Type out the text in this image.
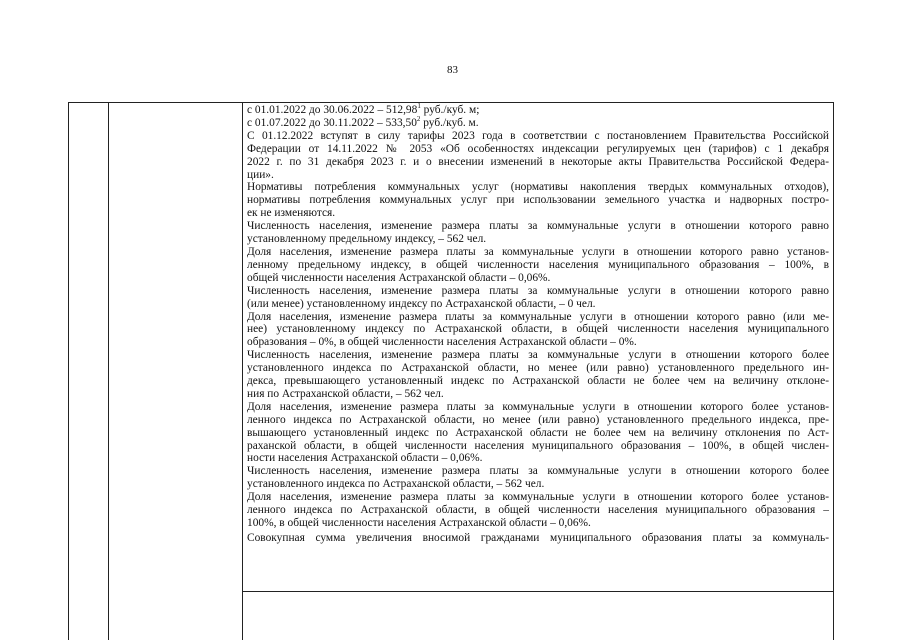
83
с 01.01.2022 до 30.06.2022 – 512,98$^1$ руб./куб. м;
с 01.07.2022 до 30.11.2022 – 533,50$^2$ руб./куб. м.
С 01.12.2022 вступят в силу тарифы 2023 года в соответствии с постановлением Правительства Российской
Федерации от 14.11.2022 № 2053 «Об особенностях индексации регулируемых цен (тарифов) с 1 декабря
2022 г. по 31 декабря 2023 г. и о внесении изменений в некоторые акты Правительства Российской Федера-
ции».
Нормативы потребления коммунальных услуг (нормативы накопления твердых коммунальных отходов),
нормативы потребления коммунальных услуг при использовании земельного участка и надворных постро-
ек не изменяются.
Численность населения, изменение размера платы за коммунальные услуги в отношении которого равно
установленному предельному индексу, – 562 чел.
Доля населения, изменение размера платы за коммунальные услуги в отношении которого равно установ-
ленному предельному индексу, в общей численности населения муниципального образования – 100%, в
общей численности населения Астраханской области – 0,06%.
Численность населения, изменение размера платы за коммунальные услуги в отношении которого равно
(или менее) установленному индексу по Астраханской области, – 0 чел.
Доля населения, изменение размера платы за коммунальные услуги в отношении которого равно (или ме-
нее) установленному индексу по Астраханской области, в общей численности населения муниципального
образования – 0%, в общей численности населения Астраханской области – 0%.
Численность населения, изменение размера платы за коммунальные услуги в отношении которого более
установленного индекса по Астраханской области, но менее (или равно) установленного предельного ин-
декса, превышающего установленный индекс по Астраханской области не более чем на величину отклоне-
ния по Астраханской области, – 562 чел.
Доля населения, изменение размера платы за коммунальные услуги в отношении которого более установ-
ленного индекса по Астраханской области, но менее (или равно) установленного предельного индекса, пре-
вышающего установленный индекс по Астраханской области не более чем на величину отклонения по Аст-
раханской области, в общей численности населения муниципального образования – 100%, в общей числен-
ности населения Астраханской области – 0,06%.
Численность населения, изменение размера платы за коммунальные услуги в отношении которого более
установленного индекса по Астраханской области, – 562 чел.
Доля населения, изменение размера платы за коммунальные услуги в отношении которого более установ-
ленного индекса по Астраханской области, в общей численности населения муниципального образования –
100%, в общей численности населения Астраханской области – 0,06%.
Совокупная сумма увеличения вносимой гражданами муниципального образования платы за коммуналь-
